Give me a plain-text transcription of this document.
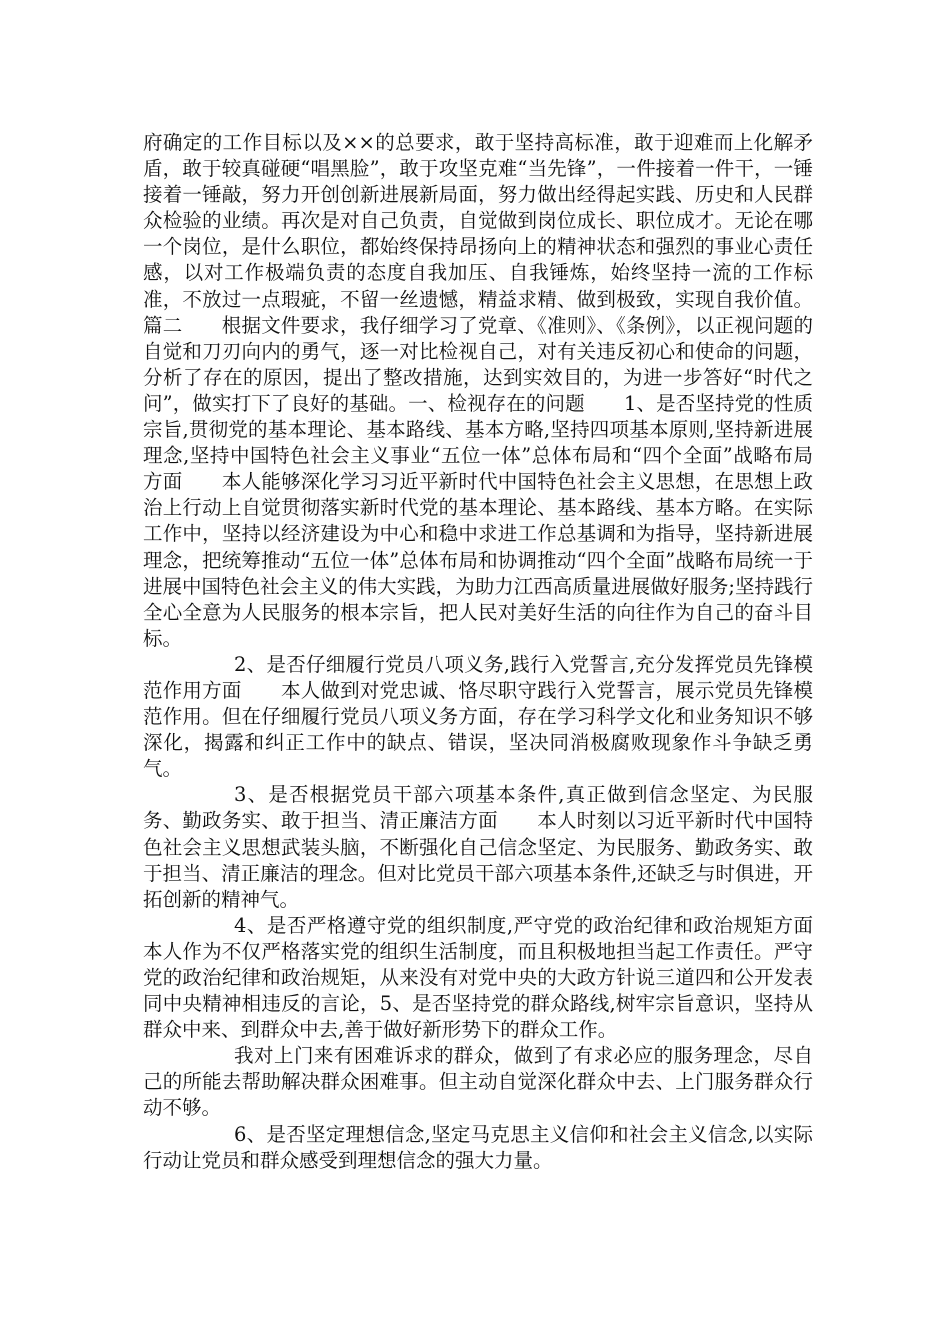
府确定的工作目标以及××的总要求，敢于坚持高标准，敢于迎难而上化解矛盾，敢于较真碰硬“唱黑脸”，敢于攻坚克难“当先锋”，一件接着一件干，一锤接着一锤敲，努力开创创新进展新局面，努力做出经得起实践、历史和人民群众检验的业绩。再次是对自己负责，自觉做到岗位成长、职位成才。无论在哪一个岗位，是什么职位，都始终保持昂扬向上的精神状态和强烈的事业心责任感，以对工作极端负责的态度自我加压、自我锤炼，始终坚持一流的工作标准，不放过一点瑕疵，不留一丝遗憾，精益求精、做到极致，实现自我价值。篇二　　根据文件要求，我仔细学习了党章、《准则》、《条例》，以正视问题的自觉和刀刃向内的勇气，逐一对比检视自己，对有关违反初心和使命的问题，分析了存在的原因，提出了整改措施，达到实效目的，为进一步答好“时代之问”，做实打下了良好的基础。一、检视存在的问题　　1、是否坚持党的性质宗旨,贯彻党的基本理论、基本路线、基本方略,坚持四项基本原则,坚持新进展理念,坚持中国特色社会主义事业“五位一体”总体布局和“四个全面”战略布局方面　　本人能够深化学习习近平新时代中国特色社会主义思想，在思想上政治上行动上自觉贯彻落实新时代党的基本理论、基本路线、基本方略。在实际工作中，坚持以经济建设为中心和稳中求进工作总基调和为指导，坚持新进展理念，把统筹推动“五位一体”总体布局和协调推动“四个全面”战略布局统一于进展中国特色社会主义的伟大实践，为助力江西高质量进展做好服务;坚持践行全心全意为人民服务的根本宗旨，把人民对美好生活的向往作为自己的奋斗目标。

2、是否仔细履行党员八项义务,践行入党誓言,充分发挥党员先锋模范作用方面　　本人做到对党忠诚、恪尽职守践行入党誓言，展示党员先锋模范作用。但在仔细履行党员八项义务方面，存在学习科学文化和业务知识不够深化，揭露和纠正工作中的缺点、错误，坚决同消极腐败现象作斗争缺乏勇气。

3、是否根据党员干部六项基本条件,真正做到信念坚定、为民服务、勤政务实、敢于担当、清正廉洁方面　　本人时刻以习近平新时代中国特色社会主义思想武装头脑，不断强化自己信念坚定、为民服务、勤政务实、敢于担当、清正廉洁的理念。但对比党员干部六项基本条件,还缺乏与时俱进，开拓创新的精神气。

4、是否严格遵守党的组织制度,严守党的政治纪律和政治规矩方面　　本人作为不仅严格落实党的组织生活制度，而且积极地担当起工作责任。严守党的政治纪律和政治规矩，从来没有对党中央的大政方针说三道四和公开发表同中央精神相违反的言论，5、是否坚持党的群众路线,树牢宗旨意识，坚持从群众中来、到群众中去,善于做好新形势下的群众工作。

我对上门来有困难诉求的群众，做到了有求必应的服务理念，尽自己的所能去帮助解决群众困难事。但主动自觉深化群众中去、上门服务群众行动不够。

6、是否坚定理想信念,坚定马克思主义信仰和社会主义信念,以实际行动让党员和群众感受到理想信念的强大力量。
